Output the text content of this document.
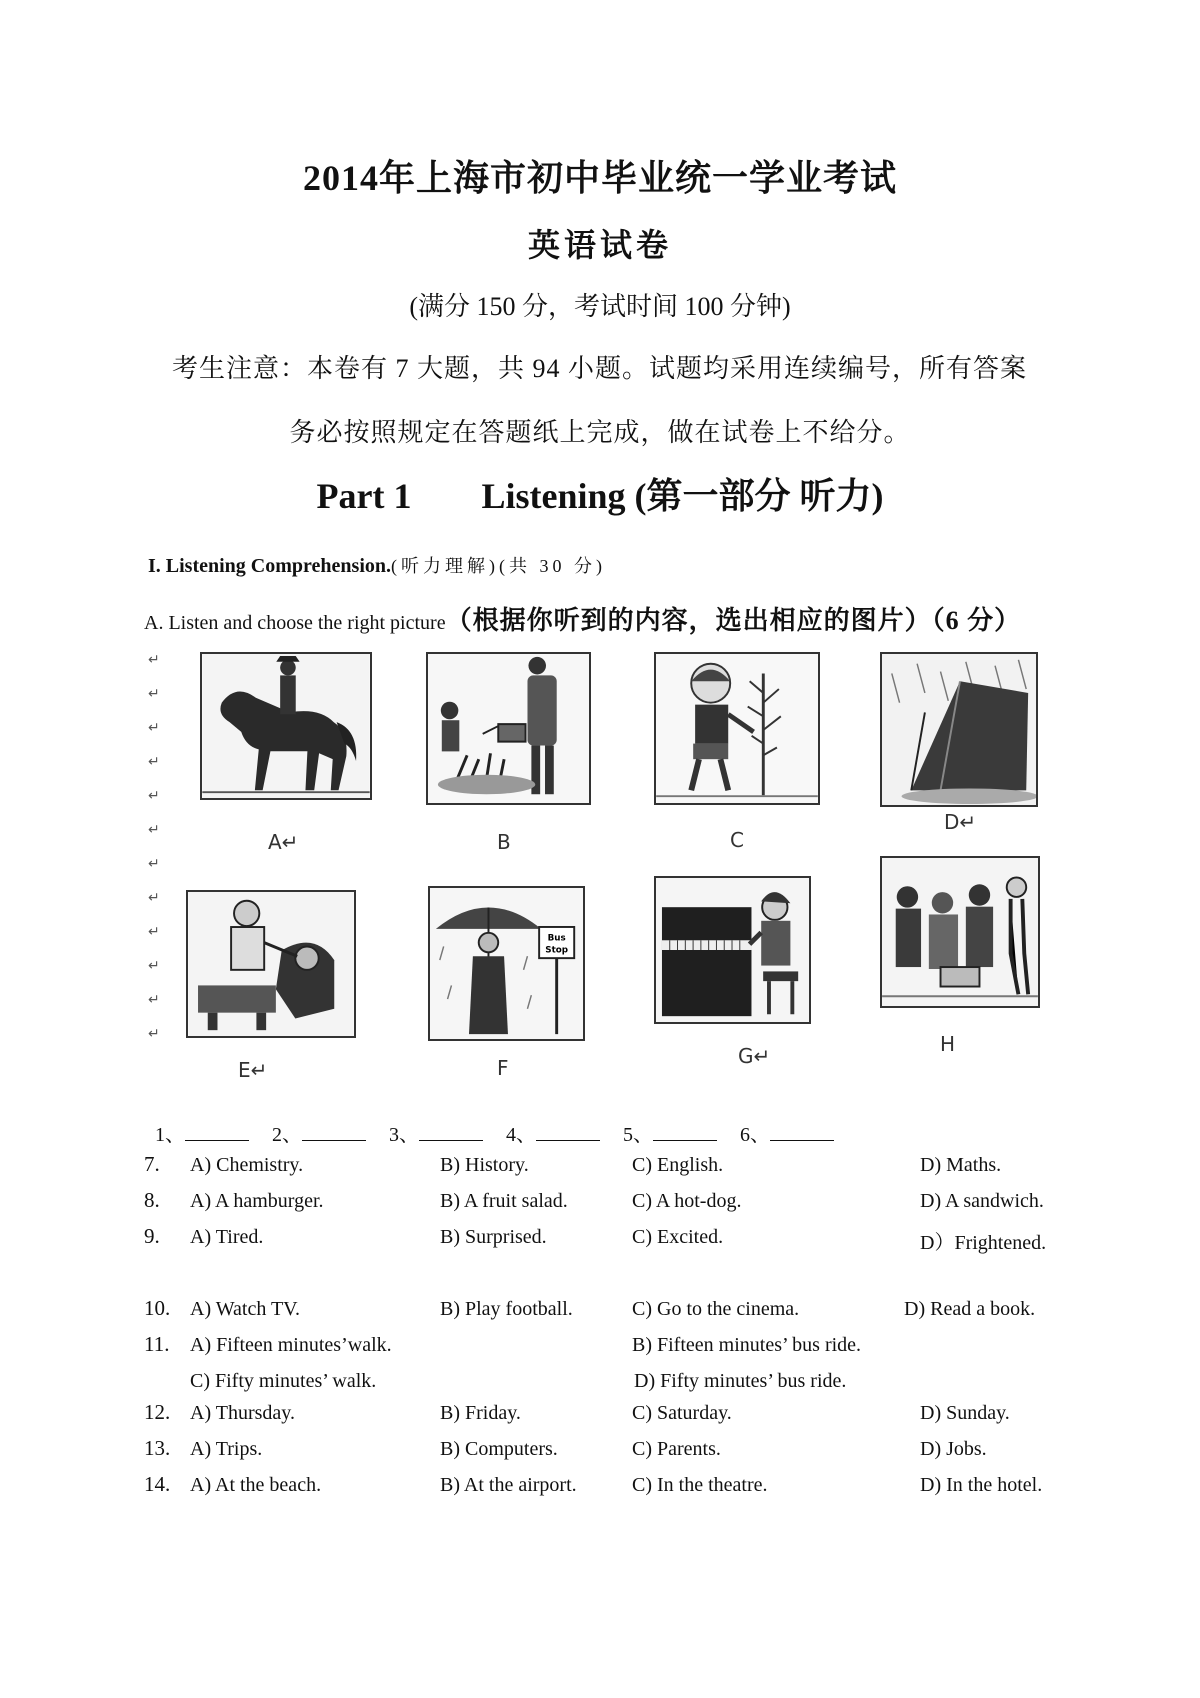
2014年上海市初中毕业统一学业考试
英语试卷
(满分 150 分，考试时间 100 分钟)
考生注意：本卷有 7 大题，共 94 小题。试题均采用连续编号，所有答案
务必按照规定在答题纸上完成，做在试卷上不给分。
Part 1 Listening (第一部分 听力)
I. Listening Comprehension.(听力理解)(共 30 分)
A. Listen and choose the right picture（根据你听到的内容，选出相应的图片）（6 分）
↵
↵
↵
↵
↵
↵
↵
↵
↵
↵
↵
↵
A↵	B	C
D↵
E↵
Bus
Stop
F	G↵	H
1、	2、	3、	4、	5、	6、
7. A) Chemistry.	B) History.	C) English.	D) Maths.
8. A) A hamburger.	B) A fruit salad.	C) A hot-dog.	D) A sandwich.
9. A) Tired.	B) Surprised.	C) Excited.	D）Frightened.
10. A) Watch TV.	B) Play football.	C) Go to the cinema.	D) Read a book.
11. A) Fifteen minutes’walk.	B) Fifteen minutes’ bus ride.
C) Fifty minutes’ walk.	D) Fifty minutes’ bus ride.
12. A) Thursday.	B) Friday.	C) Saturday.	D) Sunday.
13. A) Trips.	B) Computers.	C) Parents.	D) Jobs.
14. A) At the beach.	B) At the airport.	C) In the theatre.	D) In the hotel.
